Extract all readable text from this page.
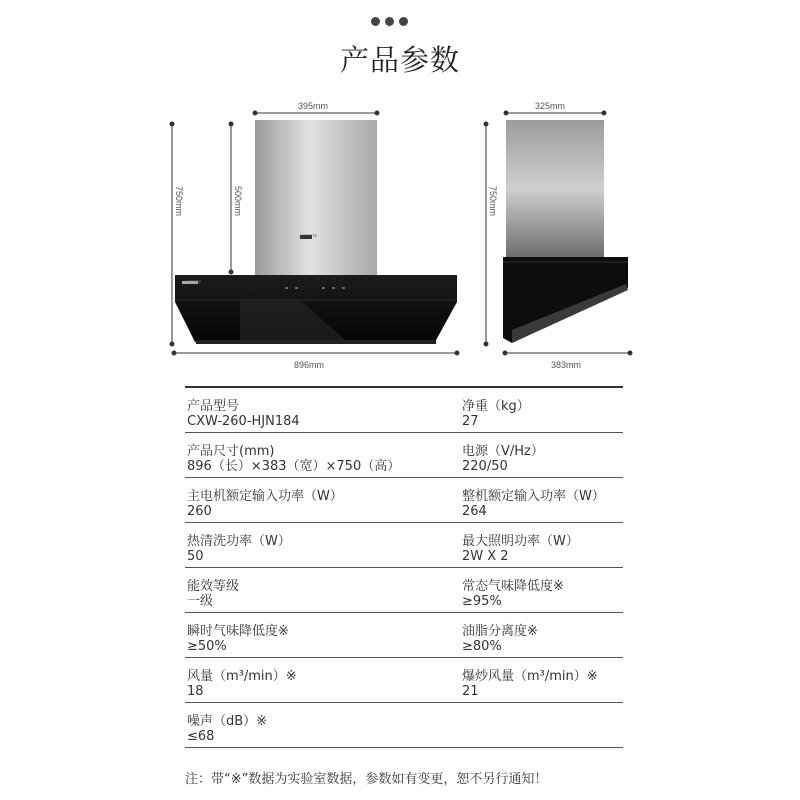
产品参数
395mm
750mm	500mm
896mm
325mm
750mm
383mm
NORITZ
NORITZ
产品型号
CXW-260-HJN184
净重（kg）
27
产品尺寸(mm)
896（长）×383（宽）×750（高）
电源（V/Hz）
220/50
主电机额定输入功率（W）
260
整机额定输入功率（W）
264
热清洗功率（W）
50
最大照明功率（W）
2W X 2
能效等级
一级
常态气味降低度※
≥95%
瞬时气味降低度※
≥50%
油脂分离度※
≥80%
风量（m³/min）※
18
爆炒风量（m³/min）※
21
噪声（dB）※
≤68
注：带“※”数据为实验室数据，参数如有变更，恕不另行通知！
